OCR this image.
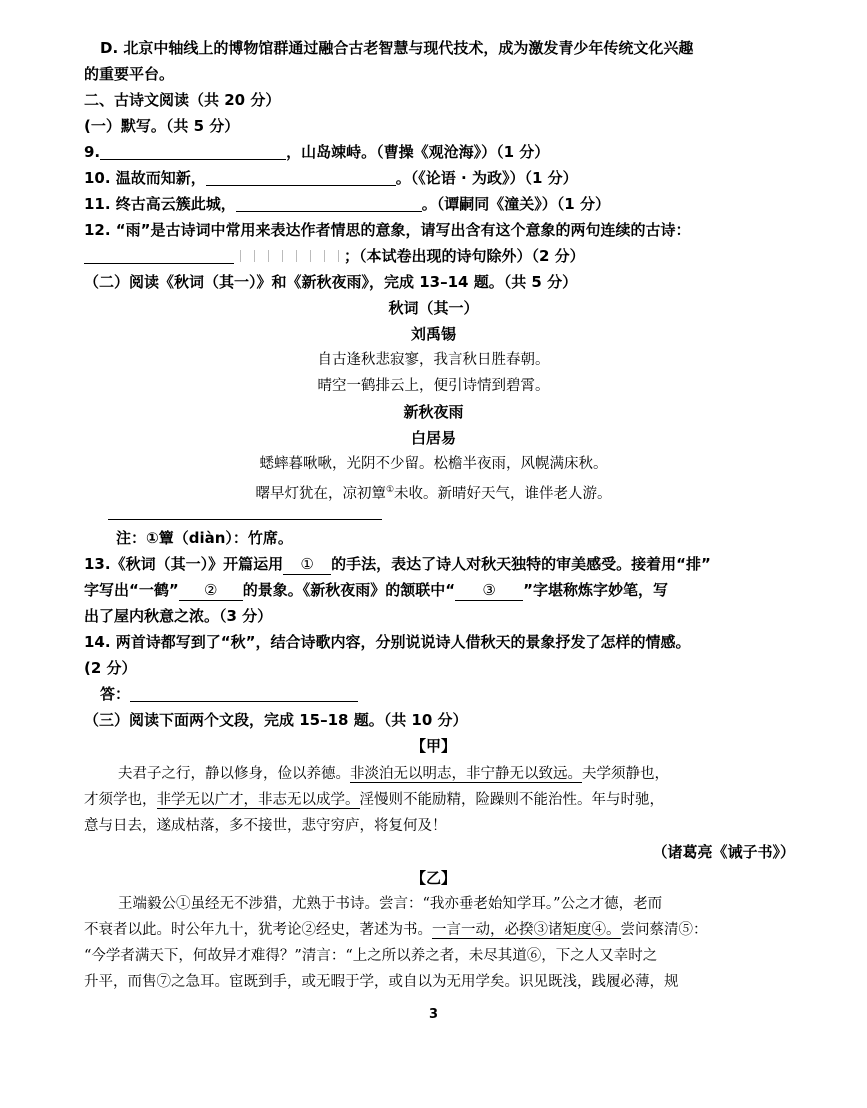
D. 北京中轴线上的博物馆群通过融合古老智慧与现代技术，成为激发青少年传统文化兴趣
的重要平台。
二、古诗文阅读（共 20 分）
(一）默写。（共 5 分）
9.	，山岛竦峙。（曹操《观沧海》）（1 分）
10. 温故而知新，	。（《论语 · 为政》）（1 分）
11. 终古高云簇此城，	。（谭嗣同《潼关》）（1 分）
12. “雨”是古诗词中常用来表达作者情思的意象，请写出含有这个意象的两句连续的古诗：
；（本试卷出现的诗句除外）（2 分）
（二）阅读《秋词（其一）》和《新秋夜雨》，完成 13–14 题。（共 5 分）
秋词（其一）
刘禹锡
自古逢秋悲寂寥，我言秋日胜春朝。
晴空一鹤排云上，便引诗情到碧霄。
新秋夜雨
白居易
蟋蟀暮啾啾，光阴不少留。松檐半夜雨，风幌满床秋。
曙早灯犹在，凉初簟①未收。新晴好天气，谁伴老人游。
注：①簟（diàn）：竹席。
13.《秋词（其一）》开篇运用 ① 的手法，表达了诗人对秋天独特的审美感受。接着用“排”
字写出“一鹤” ② 的景象。《新秋夜雨》的颔联中“ ③ ”字堪称炼字妙笔，写
出了屋内秋意之浓。（3 分）
14. 两首诗都写到了“秋”，结合诗歌内容，分别说说诗人借秋天的景象抒发了怎样的情感。
(2 分）
答：
（三）阅读下面两个文段，完成 15–18 题。（共 10 分）
【甲】
夫君子之行，静以修身，俭以养德。非淡泊无以明志，非宁静无以致远。夫学须静也，
才须学也，非学无以广才，非志无以成学。淫慢则不能励精，险躁则不能治性。年与时驰，
意与日去，遂成枯落，多不接世，悲守穷庐，将复何及！
（诸葛亮《诫子书》）
【乙】
王端毅公①虽经无不涉猎，尤熟于书诗。尝言：“我亦垂老始知学耳。”公之才德，老而
不衰者以此。时公年九十，犹考论②经史，著述为书。一言一动，必揆③诸矩度④。尝问蔡清⑤：
“今学者满天下，何故异才难得？”清言：“上之所以养之者，未尽其道⑥，下之人又幸时之
升平，而售⑦之急耳。宦既到手，或无暇于学，或自以为无用学矣。识见既浅，践履必薄，规
3
